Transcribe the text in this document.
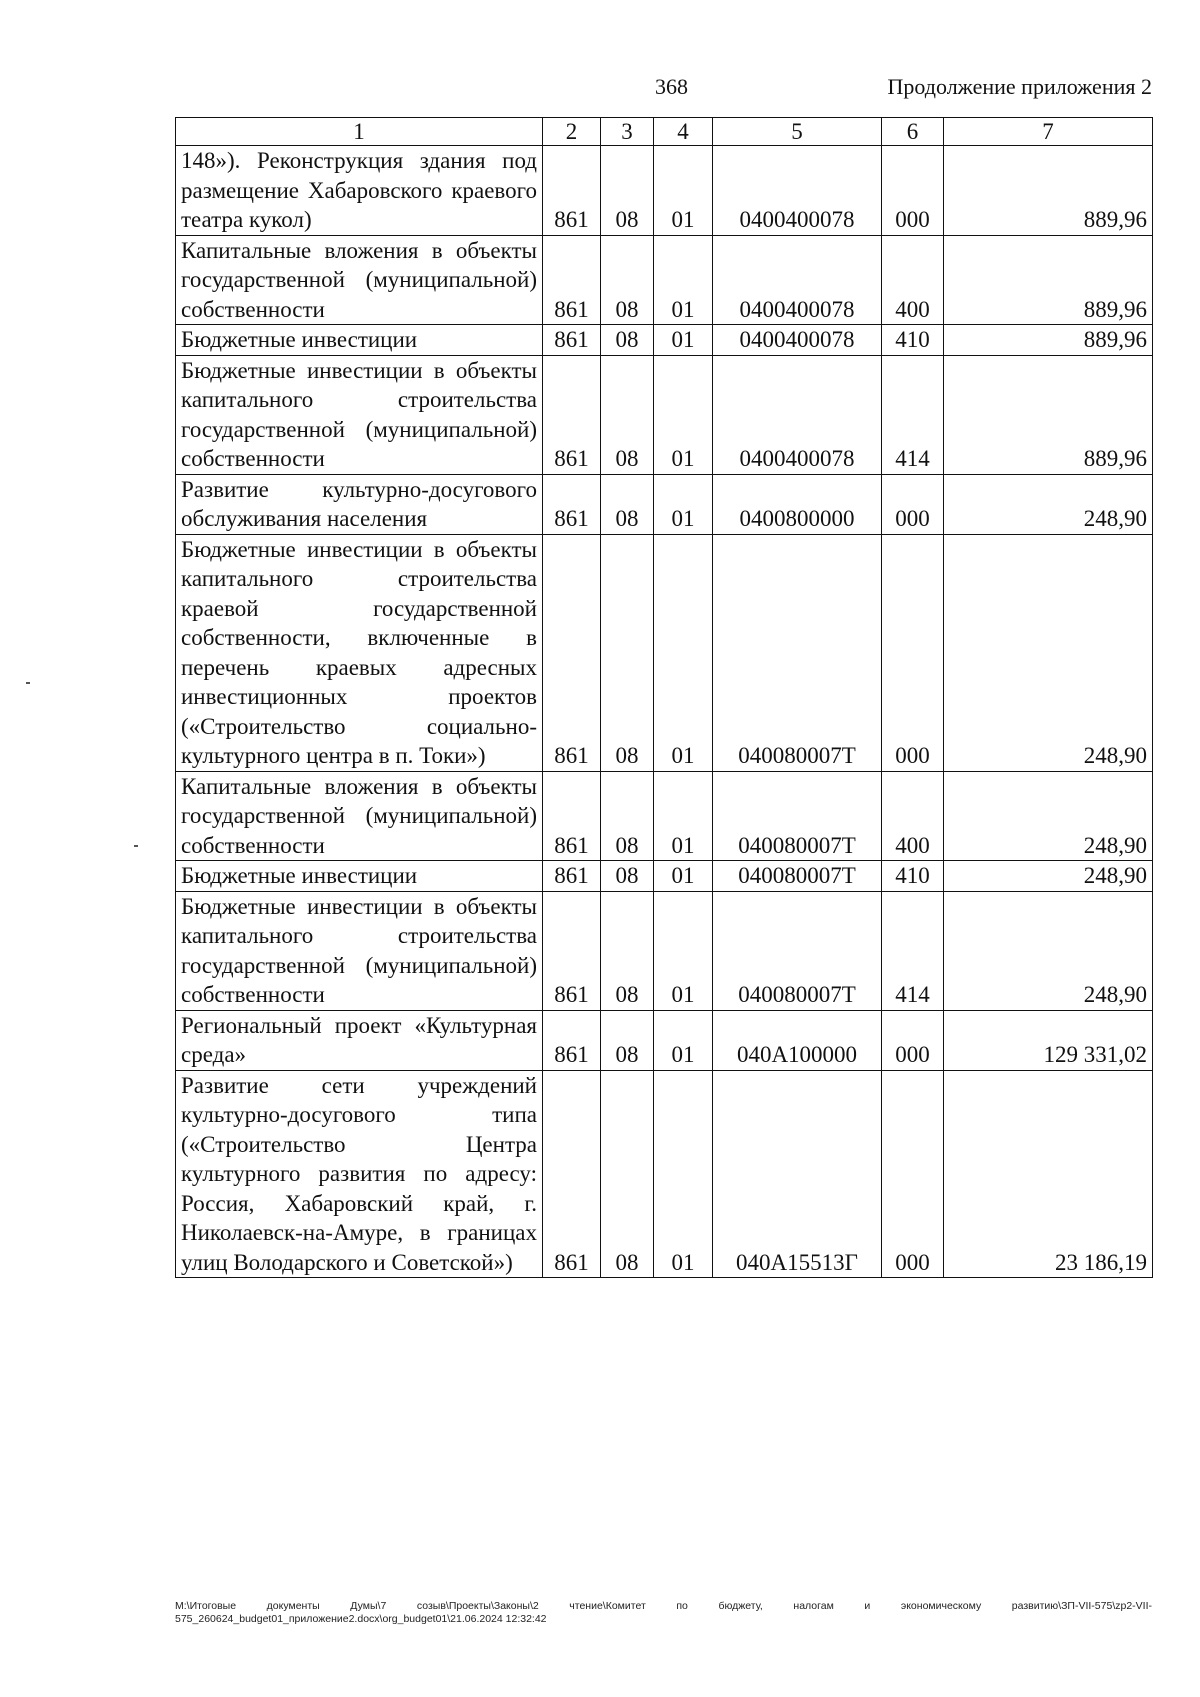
368	Продолжение приложения 2
1	2	3	4	5	6	7
148»). Реконструкция здания под размещение Хабаровского краевого театра кукол)	861	08	01	0400400078	000	889,96
Капитальные вложения в объекты государственной (муниципальной) собственности	861	08	01	0400400078	400	889,96
Бюджетные инвестиции	861	08	01	0400400078	410	889,96
Бюджетные инвестиции в объекты капитального строительства государственной (муниципальной) собственности	861	08	01	0400400078	414	889,96
Развитие культурно-досугового обслуживания населения	861	08	01	0400800000	000	248,90
Бюджетные инвестиции в объекты капитального строительства краевой государственной собственности, включенные в перечень краевых адресных инвестиционных проектов («Строительство социально-культурного центра в п. Токи»)	861	08	01	040080007Т	000	248,90
Капитальные вложения в объекты государственной (муниципальной) собственности	861	08	01	040080007Т	400	248,90
Бюджетные инвестиции	861	08	01	040080007Т	410	248,90
Бюджетные инвестиции в объекты капитального строительства государственной (муниципальной) собственности	861	08	01	040080007Т	414	248,90
Региональный проект «Культурная среда»	861	08	01	040А100000	000	129 331,02
Развитие сети учреждений культурно-досугового типа («Строительство Центра культурного развития по адресу: Россия, Хабаровский край, г. Николаевск-на-Амуре, в границах улиц Володарского и Советской»)	861	08	01	040А15513Г	000	23 186,19
M:\Итоговые документы Думы\7 созыв\Проекты\Законы\2 чтение\Комитет по бюджету, налогам и экономическому развитию\ЗП-VII-575\zp2-VII-575_260624_budget01_приложение2.docx\org_budget01\21.06.2024 12:32:42
